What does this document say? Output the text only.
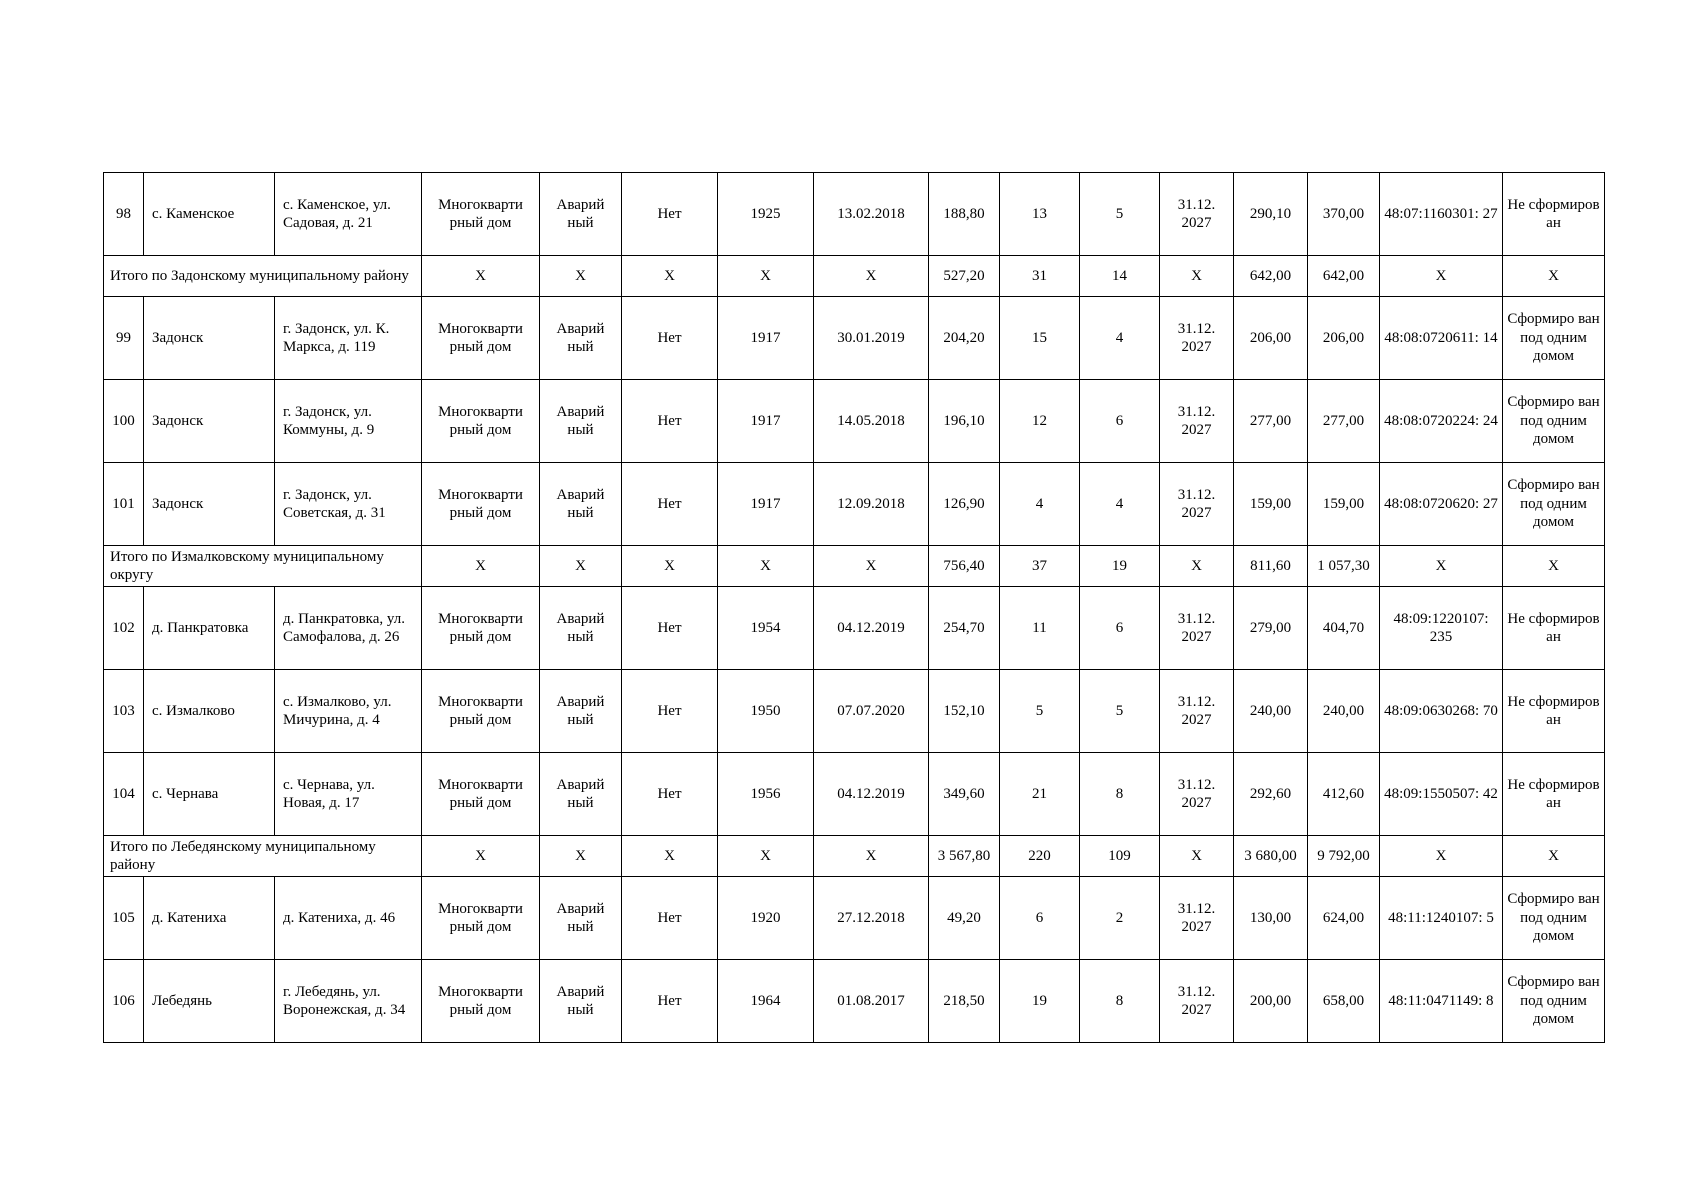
98	с. Каменское	с. Каменское, ул. Садовая, д. 21	Многокварти рный дом	Аварий ный	Нет	1925	13.02.2018	188,80	13	5	31.12. 2027	290,10	370,00	48:07:1160301: 27	Не сформиров ан
Итого по Задонскому муниципальному району			X	X	X	X	X	527,20	31	14	X	642,00	642,00	X	X
99	Задонск	г. Задонск, ул. К. Маркса, д. 119	Многокварти рный дом	Аварий ный	Нет	1917	30.01.2019	204,20	15	4	31.12. 2027	206,00	206,00	48:08:0720611: 14	Сформиро ван под одним домом
100	Задонск	г. Задонск, ул. Коммуны, д. 9	Многокварти рный дом	Аварий ный	Нет	1917	14.05.2018	196,10	12	6	31.12. 2027	277,00	277,00	48:08:0720224: 24	Сформиро ван под одним домом
101	Задонск	г. Задонск, ул. Советская, д. 31	Многокварти рный дом	Аварий ный	Нет	1917	12.09.2018	126,90	4	4	31.12. 2027	159,00	159,00	48:08:0720620: 27	Сформиро ван под одним домом
Итого по Измалковскому муниципальному округу			X	X	X	X	X	756,40	37	19	X	811,60	1 057,30	X	X
102	д. Панкратовка	д. Панкратовка, ул. Самофалова, д. 26	Многокварти рный дом	Аварий ный	Нет	1954	04.12.2019	254,70	11	6	31.12. 2027	279,00	404,70	48:09:1220107: 235	Не сформиров ан
103	с. Измалково	с. Измалково, ул. Мичурина, д. 4	Многокварти рный дом	Аварий ный	Нет	1950	07.07.2020	152,10	5	5	31.12. 2027	240,00	240,00	48:09:0630268: 70	Не сформиров ан
104	с. Чернава	с. Чернава, ул. Новая, д. 17	Многокварти рный дом	Аварий ный	Нет	1956	04.12.2019	349,60	21	8	31.12. 2027	292,60	412,60	48:09:1550507: 42	Не сформиров ан
Итого по Лебедянскому муниципальному району			X	X	X	X	X	3 567,80	220	109	X	3 680,00	9 792,00	X	X
105	д. Катениха	д. Катениха, д. 46	Многокварти рный дом	Аварий ный	Нет	1920	27.12.2018	49,20	6	2	31.12. 2027	130,00	624,00	48:11:1240107: 5	Сформиро ван под одним домом
106	Лебедянь	г. Лебедянь, ул. Воронежская, д. 34	Многокварти рный дом	Аварий ный	Нет	1964	01.08.2017	218,50	19	8	31.12. 2027	200,00	658,00	48:11:0471149: 8	Сформиро ван под одним домом
